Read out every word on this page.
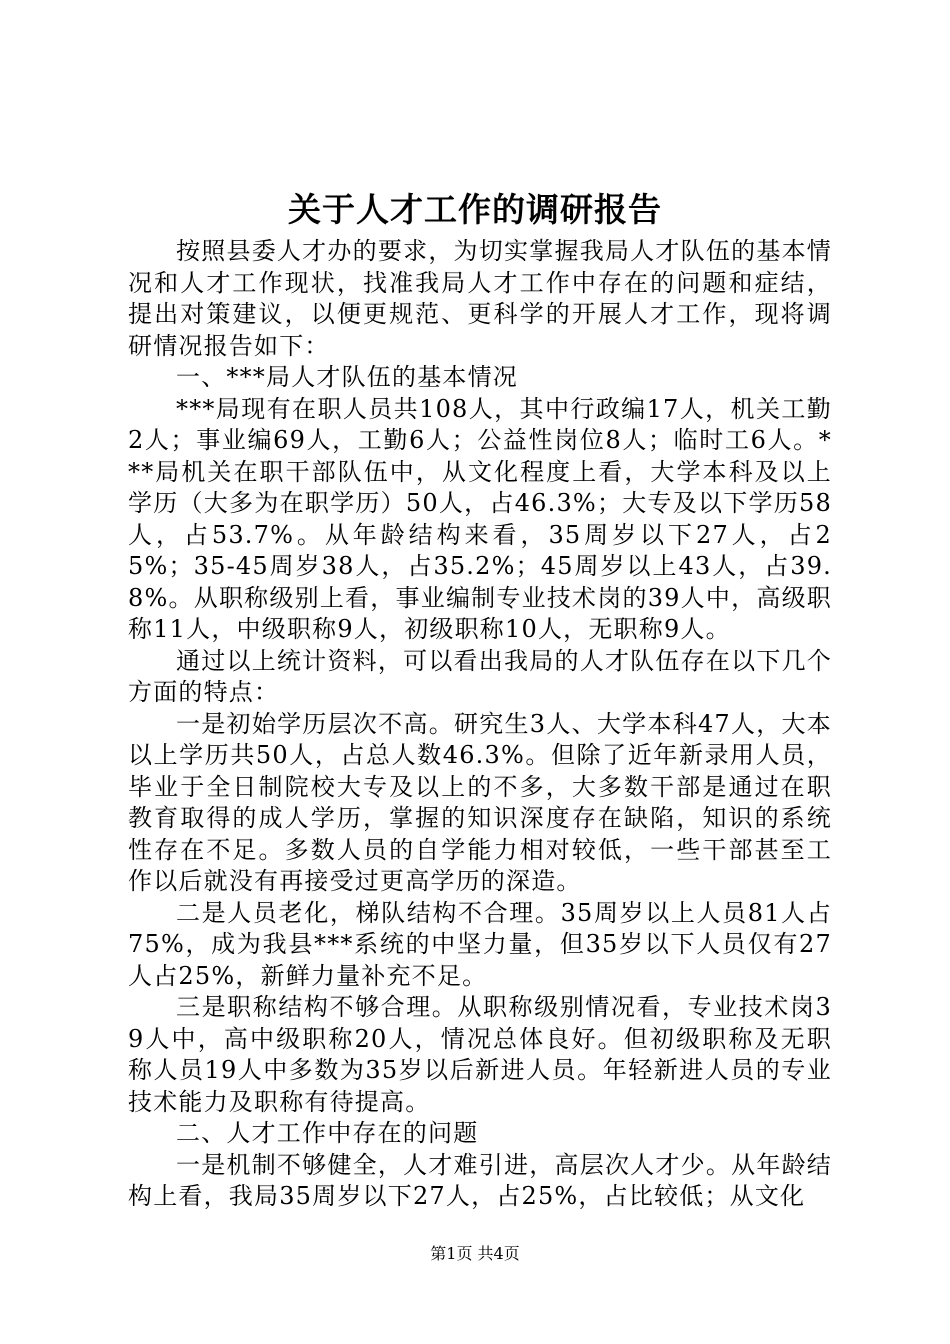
关于人才工作的调研报告

按照县委人才办的要求，为切实掌握我局人才队伍的基本情况和人才工作现状，找准我局人才工作中存在的问题和症结，提出对策建议，以便更规范、更科学的开展人才工作，现将调研情况报告如下：

一、***局人才队伍的基本情况

***局现有在职人员共108人，其中行政编17人，机关工勤2人；事业编69人，工勤6人；公益性岗位8人；临时工6人。***局机关在职干部队伍中，从文化程度上看，大学本科及以上学历（大多为在职学历）50人，占46.3%；大专及以下学历58人，占53.7%。从年龄结构来看，35周岁以下27人，占25%；35-45周岁38人，占35.2%；45周岁以上43人，占39.8%。从职称级别上看，事业编制专业技术岗的39人中，高级职称11人，中级职称9人，初级职称10人，无职称9人。

通过以上统计资料，可以看出我局的人才队伍存在以下几个方面的特点：

一是初始学历层次不高。研究生3人、大学本科47人，大本以上学历共50人，占总人数46.3%。但除了近年新录用人员，毕业于全日制院校大专及以上的不多，大多数干部是通过在职教育取得的成人学历，掌握的知识深度存在缺陷，知识的系统性存在不足。多数人员的自学能力相对较低，一些干部甚至工作以后就没有再接受过更高学历的深造。

二是人员老化，梯队结构不合理。35周岁以上人员81人占75%，成为我县***系统的中坚力量，但35岁以下人员仅有27人占25%，新鲜力量补充不足。

三是职称结构不够合理。从职称级别情况看，专业技术岗39人中，高中级职称20人，情况总体良好。但初级职称及无职称人员19人中多数为35岁以后新进人员。年轻新进人员的专业技术能力及职称有待提高。

二、人才工作中存在的问题

一是机制不够健全，人才难引进，高层次人才少。从年龄结构上看，我局35周岁以下27人，占25%，占比较低；从文化

第1页 共4页
